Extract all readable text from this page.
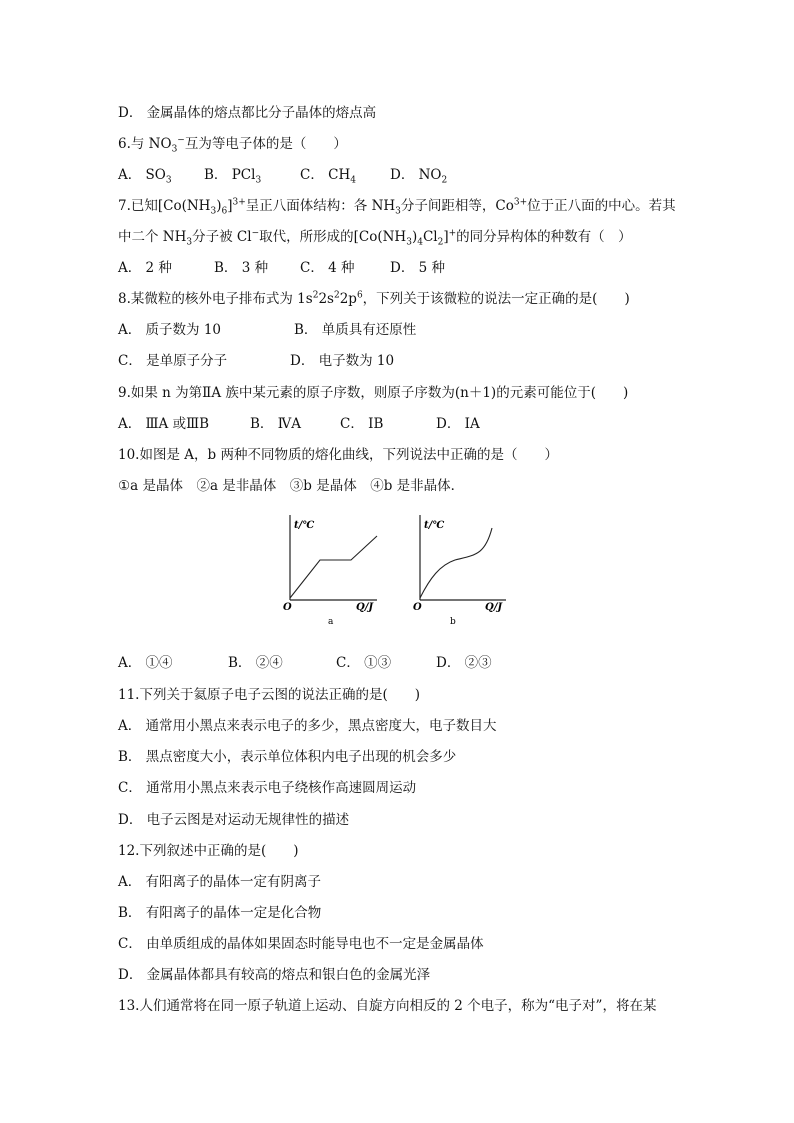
D． 金属晶体的熔点都比分子晶体的熔点高
6.与 $NO_3^-$互为等电子体的是（　　）
A． $SO_3$ B． PCl$_3$	C． $CH_4$	D． $NO_2$
7.已知$[Co(NH_3)_6]^{3+}$呈正八面体结构：各 $NH_3$分子间距相等，$Co^{3+}$位于正八面的中心。若其
中二个 $NH_3$分子被 Cl−取代，所形成的$[Co(NH_3)_4Cl_2]^+$的同分异构体的种数有（　）
A． 2 种	B． 3 种 C． 4 种	D． 5 种
8.某微粒的核外电子排布式为 $1s^22s^22p^6$，下列关于该微粒的说法一定正确的是(　　)
A． 质子数为 10	B． 单质具有还原性
C． 是单原子分子	D． 电子数为 10
9.如果 n 为第ⅡA 族中某元素的原子序数，则原子序数为(n＋1)的元素可能位于(　　)
A． ⅢA 或ⅢB	B． ⅣA	C． ⅠB	D． ⅠA
10.如图是 A，b 两种不同物质的熔化曲线，下列说法中正确的是（　　）
①a 是晶体　②a 是非晶体　③b 是晶体　④b 是非晶体．
t/℃
O	Q/J
a
t/℃
O	Q/J
b
A． ①④	B． ②④	C． ①③	D． ②③
11.下列关于氦原子电子云图的说法正确的是(　　)
A． 通常用小黑点来表示电子的多少，黑点密度大，电子数目大
B． 黑点密度大小，表示单位体积内电子出现的机会多少
C． 通常用小黑点来表示电子绕核作高速圆周运动
D． 电子云图是对运动无规律性的描述
12.下列叙述中正确的是(　　)
A． 有阳离子的晶体一定有阴离子
B． 有阳离子的晶体一定是化合物
C． 由单质组成的晶体如果固态时能导电也不一定是金属晶体
D． 金属晶体都具有较高的熔点和银白色的金属光泽
13.人们通常将在同一原子轨道上运动、自旋方向相反的 2 个电子，称为“电子对”，将在某
